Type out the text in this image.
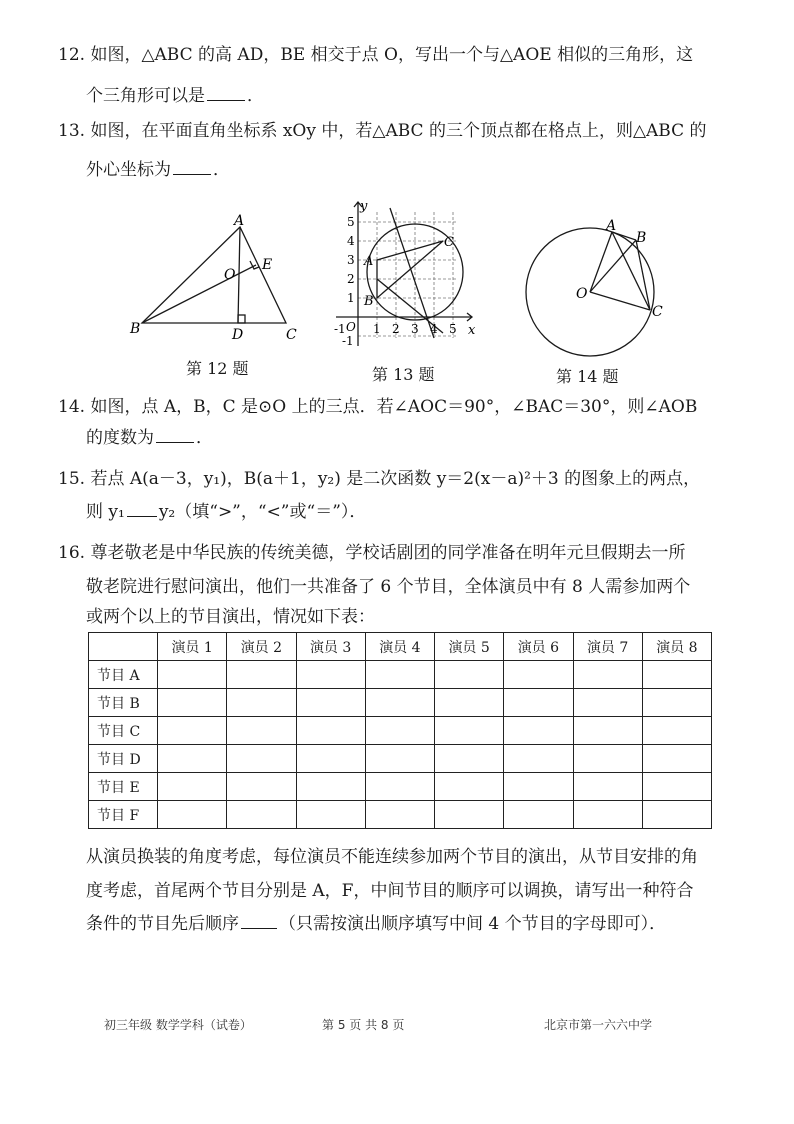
12. 如图，△ABC 的高 AD，BE 相交于点 O，写出一个与△AOE 相似的三角形，这
个三角形可以是 ．
13. 如图，在平面直角坐标系 xOy 中，若△ABC 的三个顶点都在格点上，则△ABC 的
外心坐标为 ．
A
B	C
D
E
O
第 12 题
y
x
A
B
C
O
-1 1 2 3 4 5
5
4
3
2
1
-1
第 13 题
A
B
C
O
第 14 题
14. 如图，点 A，B，C 是⊙O 上的三点．若∠AOC＝90°，∠BAC＝30°，则∠AOB
的度数为 ．
15. 若点 A(a－3，y₁)，B(a＋1，y₂) 是二次函数 y＝2(x－a)²＋3 的图象上的两点，
则 y₁ y₂（填“>”，“<”或“＝”）．
16. 尊老敬老是中华民族的传统美德，学校话剧团的同学准备在明年元旦假期去一所
敬老院进行慰问演出，他们一共准备了 6 个节目，全体演员中有 8 人需参加两个
或两个以上的节目演出，情况如下表：
	演员 1	演员 2	演员 3	演员 4	演员 5	演员 6	演员 7	演员 8
节目 A								
节目 B								
节目 C								
节目 D								
节目 E								
节目 F								
从演员换装的角度考虑，每位演员不能连续参加两个节目的演出，从节目安排的角
度考虑，首尾两个节目分别是 A，F，中间节目的顺序可以调换，请写出一种符合
条件的节目先后顺序 （只需按演出顺序填写中间 4 个节目的字母即可）．
初三年级 数学学科（试卷）	第 5 页 共 8 页	北京市第一六六中学
